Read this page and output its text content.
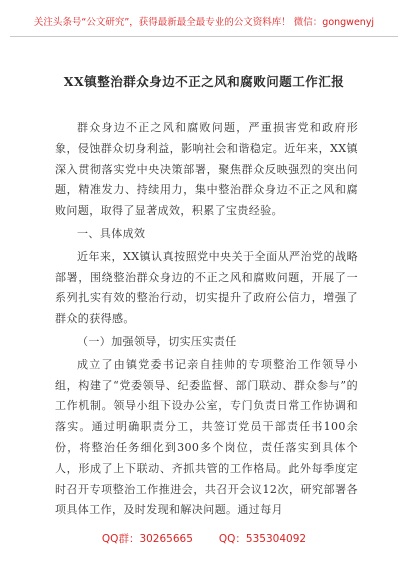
关注头条号“公文研究”，获得最新最全最专业的公文资料库！ 微信：gongwenyj
XX镇整治群众身边不正之风和腐败问题工作汇报

群众身边不正之风和腐败问题，严重损害党和政府形象，侵蚀群众切身利益，影响社会和谐稳定。近年来，XX镇深入贯彻落实党中央决策部署，聚焦群众反映强烈的突出问题，精准发力、持续用力，集中整治群众身边不正之风和腐败问题，取得了显著成效，积累了宝贵经验。

一、具体成效

近年来，XX镇认真按照党中央关于全面从严治党的战略部署，围绕整治群众身边的不正之风和腐败问题，开展了一系列扎实有效的整治行动，切实提升了政府公信力，增强了群众的获得感。

（一）加强领导，切实压实责任

成立了由镇党委书记亲自挂帅的专项整治工作领导小组，构建了“党委领导、纪委监督、部门联动、群众参与”的工作机制。领导小组下设办公室，专门负责日常工作协调和落实。通过明确职责分工，共签订党员干部责任书100余份，将整治任务细化到300多个岗位，责任落实到具体个人，形成了上下联动、齐抓共管的工作格局。此外每季度定时召开专项整治工作推进会，共召开会议12次，研究部署各项具体工作，及时发现和解决问题。通过每月

QQ群：30265665 QQ：535304092
